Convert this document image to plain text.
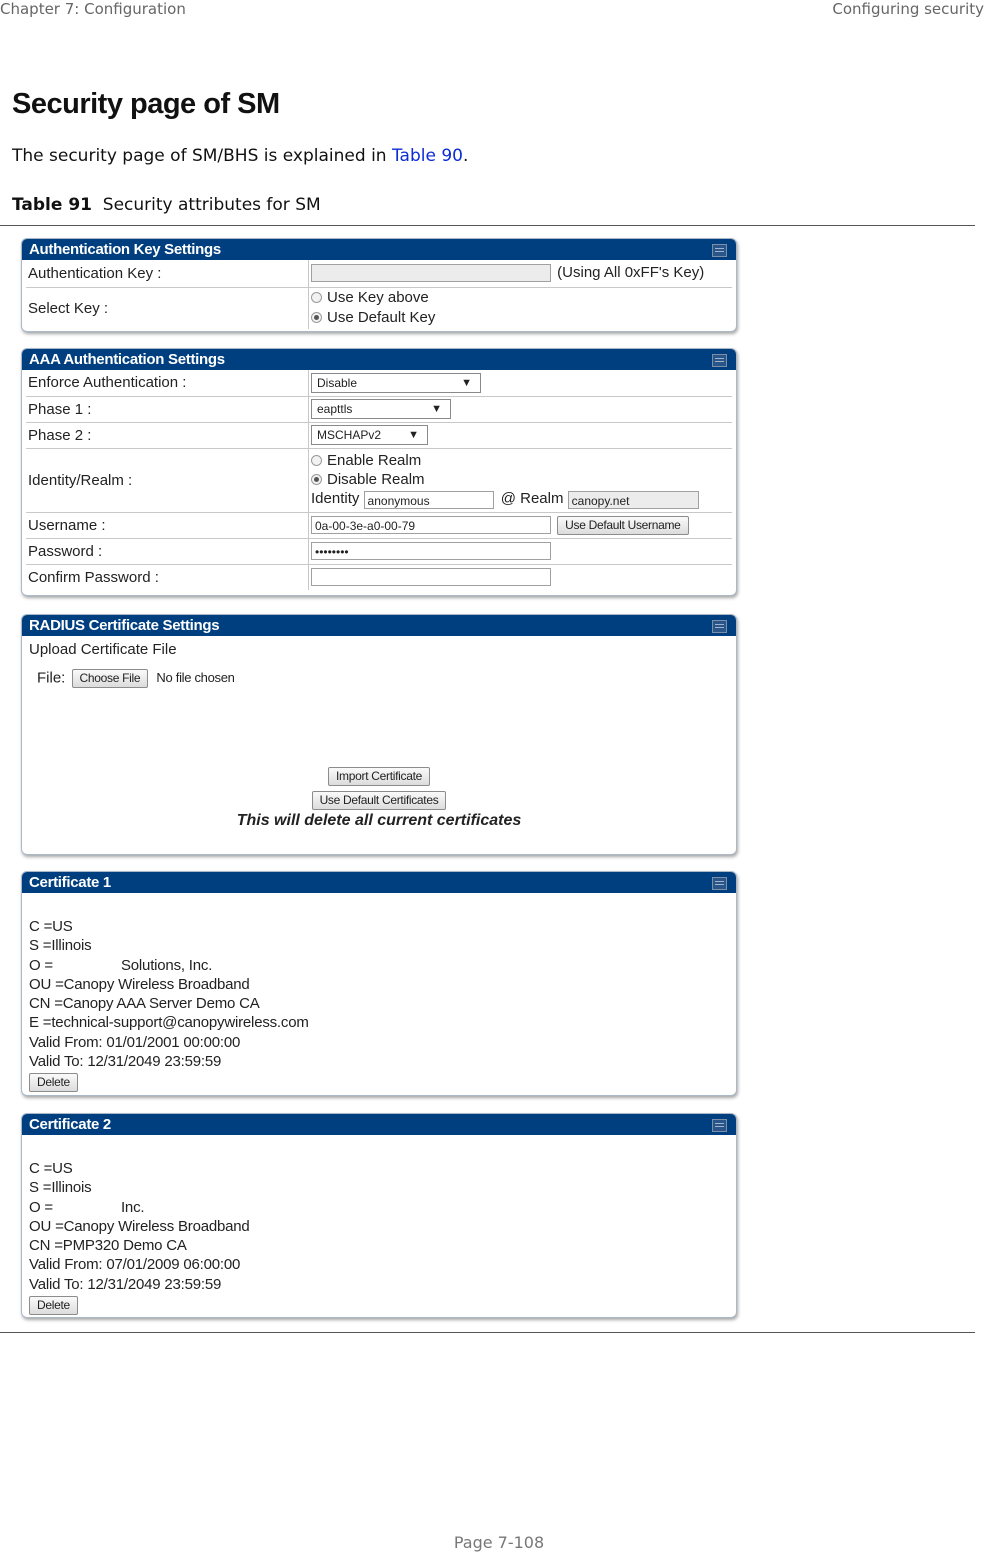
Chapter 7: Configuration	Configuring security
Security page of SM

The security page of SM/BHS is explained in Table 90.

Table 91 Security attributes for SM
Authentication Key Settings
Authentication Key :	(Using All 0xFF's Key)
Select Key :	Use Key above
Use Default Key
AAA Authentication Settings
Enforce Authentication :	Disable ▼

Phase 1 :	eapttls ▼

Phase 2 :	MSCHAPv2 ▼

Identity/Realm :	Enable Realm
Disable Realm
Identity anonymous @ Realm canopy.net

Username :	0a-00-3e-a0-00-79 Use Default Username
Password :	••••••••
Confirm Password :	
RADIUS Certificate Settings
Upload Certificate File
File: Choose File No file chosen
Import Certificate
Use Default Certificates
This will delete all current certificates
Certificate 1
C =US
S =Illinois
O =	Solutions, Inc.
OU =Canopy Wireless Broadband
CN =Canopy AAA Server Demo CA
E =technical-support@canopywireless.com
Valid From: 01/01/2001 00:00:00
Valid To: 12/31/2049 23:59:59
Delete
Certificate 2
C =US
S =Illinois
O =	Inc.
OU =Canopy Wireless Broadband
CN =PMP320 Demo CA
Valid From: 07/01/2009 06:00:00
Valid To: 12/31/2049 23:59:59
Delete
Page 7-108
